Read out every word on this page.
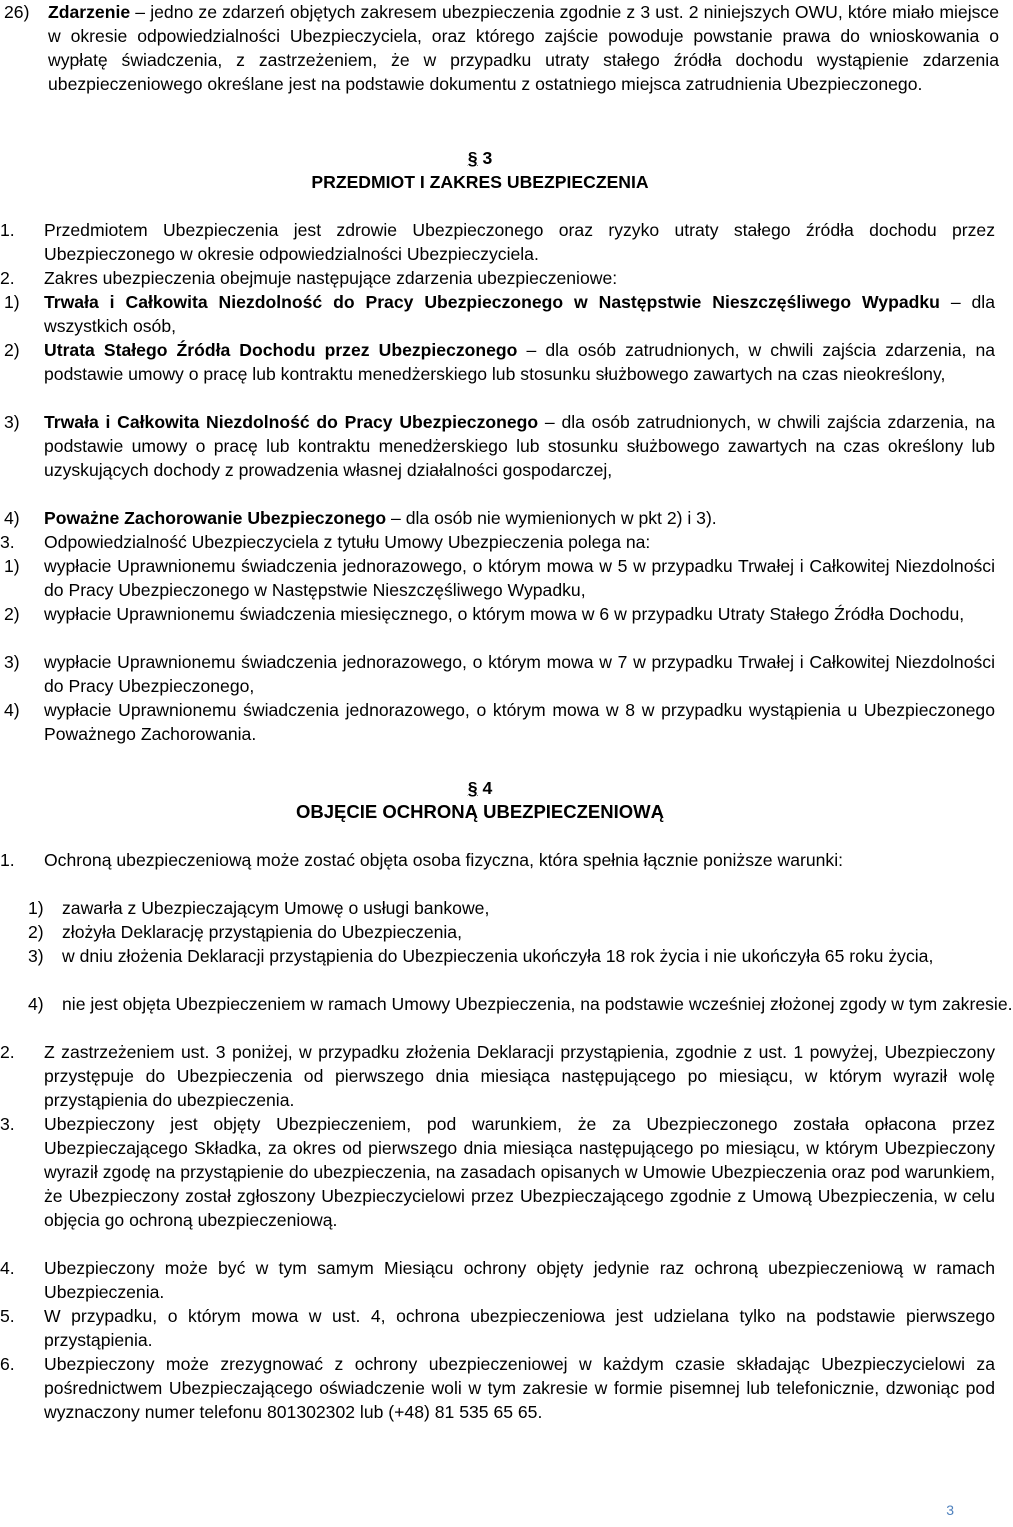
26) Zdarzenie – jedno ze zdarzeń objętych zakresem ubezpieczenia zgodnie z 3 ust. 2 niniejszych OWU, które miało miejsce w okresie odpowiedzialności Ubezpieczyciela, oraz którego zajście powoduje powstanie prawa do wnioskowania o wypłatę świadczenia, z zastrzeżeniem, że w przypadku utraty stałego źródła dochodu wystąpienie zdarzenia ubezpieczeniowego określane jest na podstawie dokumentu z ostatniego miejsca zatrudnienia Ubezpieczonego.
§ 3
PRZEDMIOT I ZAKRES UBEZPIECZENIA
1. Przedmiotem Ubezpieczenia jest zdrowie Ubezpieczonego oraz ryzyko utraty stałego źródła dochodu przez Ubezpieczonego w okresie odpowiedzialności Ubezpieczyciela.
2. Zakres ubezpieczenia obejmuje następujące zdarzenia ubezpieczeniowe:
1) Trwała i Całkowita Niezdolność do Pracy Ubezpieczonego w Następstwie Nieszczęśliwego Wypadku – dla wszystkich osób,
2) Utrata Stałego Źródła Dochodu przez Ubezpieczonego – dla osób zatrudnionych, w chwili zajścia zdarzenia, na podstawie umowy o pracę lub kontraktu menedżerskiego lub stosunku służbowego zawartych na czas nieokreślony,
3) Trwała i Całkowita Niezdolność do Pracy Ubezpieczonego – dla osób zatrudnionych, w chwili zajścia zdarzenia, na podstawie umowy o pracę lub kontraktu menedżerskiego lub stosunku służbowego zawartych na czas określony lub uzyskujących dochody z prowadzenia własnej działalności gospodarczej,
4) Poważne Zachorowanie Ubezpieczonego – dla osób nie wymienionych w pkt 2) i 3).
3. Odpowiedzialność Ubezpieczyciela z tytułu Umowy Ubezpieczenia polega na:
1) wypłacie Uprawnionemu świadczenia jednorazowego, o którym mowa w 5 w przypadku Trwałej i Całkowitej Niezdolności do Pracy Ubezpieczonego w Następstwie Nieszczęśliwego Wypadku,
2) wypłacie Uprawnionemu świadczenia miesięcznego, o którym mowa w 6 w przypadku Utraty Stałego Źródła Dochodu,
3) wypłacie Uprawnionemu świadczenia jednorazowego, o którym mowa w 7 w przypadku Trwałej i Całkowitej Niezdolności do Pracy Ubezpieczonego,
4) wypłacie Uprawnionemu świadczenia jednorazowego, o którym mowa w 8 w przypadku wystąpienia u Ubezpieczonego Poważnego Zachorowania.
§ 4
OBJĘCIE OCHRONĄ UBEZPIECZENIOWĄ
1. Ochroną ubezpieczeniową może zostać objęta osoba fizyczna, która spełnia łącznie poniższe warunki:
1) zawarła z Ubezpieczającym Umowę o usługi bankowe,
2) złożyła Deklarację przystąpienia do Ubezpieczenia,
3) w dniu złożenia Deklaracji przystąpienia do Ubezpieczenia ukończyła 18 rok życia i nie ukończyła 65 roku życia,
4) nie jest objęta Ubezpieczeniem w ramach Umowy Ubezpieczenia, na podstawie wcześniej złożonej zgody w tym zakresie.
2. Z zastrzeżeniem ust. 3 poniżej, w przypadku złożenia Deklaracji przystąpienia, zgodnie z ust. 1 powyżej, Ubezpieczony przystępuje do Ubezpieczenia od pierwszego dnia miesiąca następującego po miesiącu, w którym wyraził wolę przystąpienia do ubezpieczenia.
3. Ubezpieczony jest objęty Ubezpieczeniem, pod warunkiem, że za Ubezpieczonego została opłacona przez Ubezpieczającego Składka, za okres od pierwszego dnia miesiąca następującego po miesiącu, w którym Ubezpieczony wyraził zgodę na przystąpienie do ubezpieczenia, na zasadach opisanych w Umowie Ubezpieczenia oraz pod warunkiem, że Ubezpieczony został zgłoszony Ubezpieczycielowi przez Ubezpieczającego zgodnie z Umową Ubezpieczenia, w celu objęcia go ochroną ubezpieczeniową.
4. Ubezpieczony może być w tym samym Miesiącu ochrony objęty jedynie raz ochroną ubezpieczeniową w ramach Ubezpieczenia.
5. W przypadku, o którym mowa w ust. 4, ochrona ubezpieczeniowa jest udzielana tylko na podstawie pierwszego przystąpienia.
6. Ubezpieczony może zrezygnować z ochrony ubezpieczeniowej w każdym czasie składając Ubezpieczycielowi za pośrednictwem Ubezpieczającego oświadczenie woli w tym zakresie w formie pisemnej lub telefonicznie, dzwoniąc pod wyznaczony numer telefonu 801302302 lub (+48) 81 535 65 65.
3
